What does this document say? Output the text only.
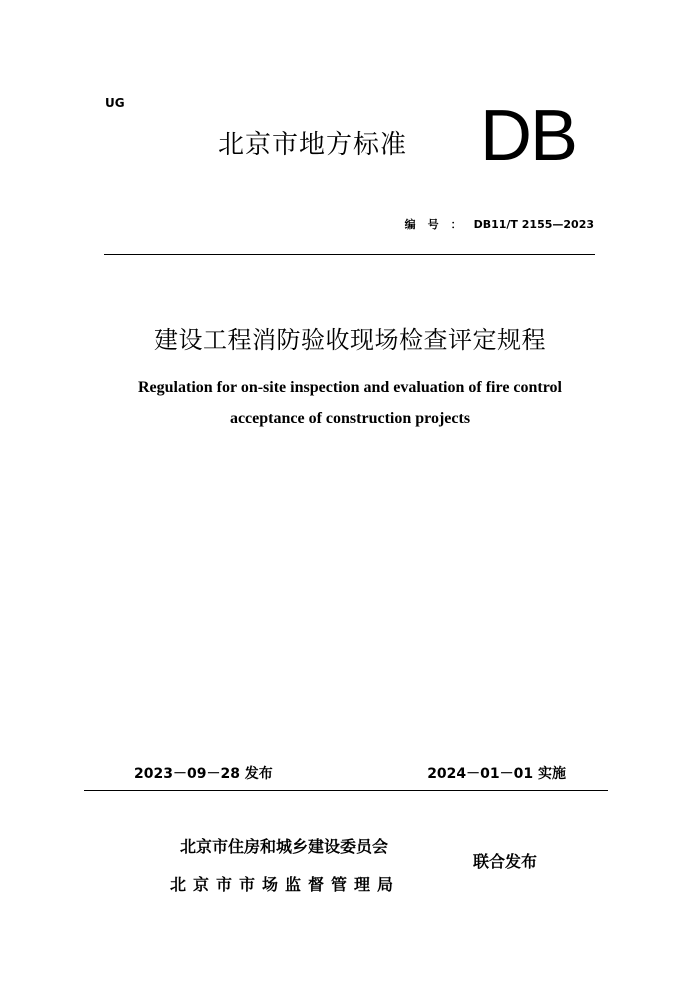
UG
北京市地方标准 DB
编号：DB11/T 2155—2023
建设工程消防验收现场检查评定规程
Regulation for on-site inspection and evaluation of fire control
acceptance of construction projects
2023－09－28 发布	2024－01－01 实施
北京市住房和城乡建设委员会
北京市市场监督管理局
联合发布
